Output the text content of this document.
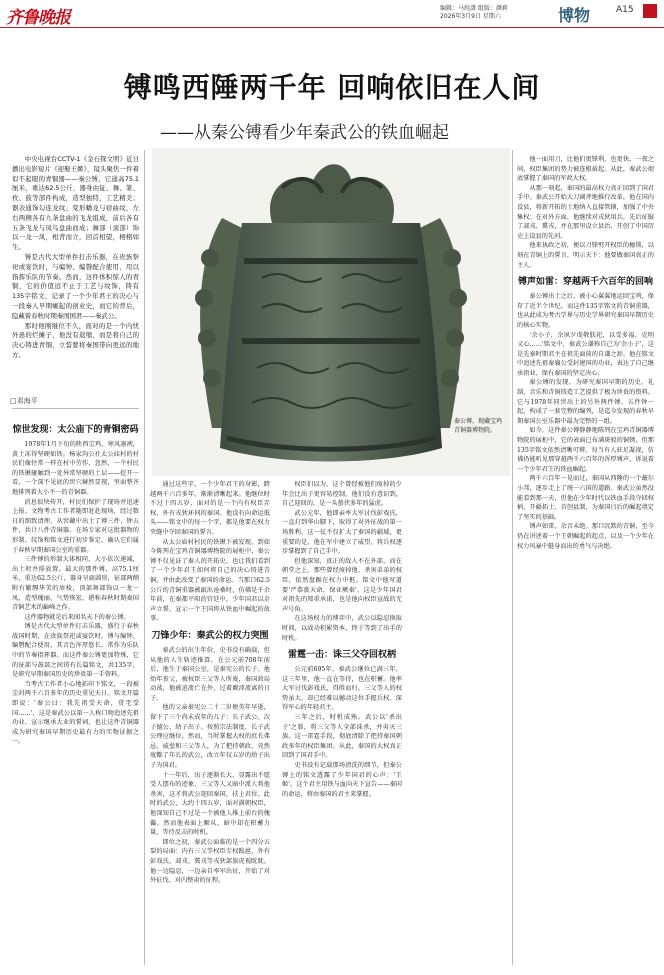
齐鲁晚报	编辑：马纯潇 组版：颜莉
2026年3月9日 星期六	博物	A15
镈鸣西陲两千年 回响依旧在人间
——从秦公镈看少年秦武公的铁血崛起

中央电视台CCTV-1《金石探文明》近日播出电影短片《迎娶王姬》，镜头聚焦一件着似不起眼的青铜器——秦公镈，它通高75.1厘米，重达62.5公斤，器身由钲、舞、篆、枚、鼓等部件构成，造型独特，工艺精美；器表通饰勾连龙纹、变形蟠龙与窃曲纹，左右两侧各有九条盘曲的飞龙组成，前后各有五条飞龙与凤鸟盘曲而成；舞部（顶部）饰以一龙一凤，相背而立，回首相望，栩栩如生。

镈是古代大型单件打击乐器，在贵族祭祀或宴饮时，与编钟、编磬配合使用，用以指挥乐队的节奏。然而，这件体积惊人的青铜，它的价值远不止于工艺与纹饰，铸有135字铭文，记录了一个少年君王的决心与一段秦人早期崛起的创业史，而它的背后，隐藏着春秋时期秦国国君——秦武公。

那时他刚继位不久，面对的是一个内忧外患的烂摊子，他没有退缩，而是将自己的决心铸进青铜，立誓要将秦国带向更远的地方。

□邓海平
秦公镈，现藏宝鸡青铜器博物院。
惊世发现：太公庙下的青铜密码

1978年1月下旬的陕西宝鸡，寒风凛冽，黄土冻得坚硬如铁。杨家沟公社太公庙村的村民们像往常一样在村中劳作，忽然，一个村民的铁锹碰触到一处异常坚硬的土层——挖开一看，一个深不见底的窖穴赫然显现，里面整齐地排列着大小不一的青铜器。

消息很快传开，村民们保护了现场并迅速上报。文物考古工作者随即赶赴现场，经过数日的细致清理，从窖藏中出土了镈三件、钟五件，共计八件青铜器。在场专家对这批器物的形制、纹饰和铭文进行初步鉴定，确认它们属于春秋早期秦国公室的重器。

三件镈的形制大体相同，大小依次递减，出土时并排放置。最大的那件镈，高75.1厘米，重达62.5公斤，器身呈扁圆形，钲部两侧附有繁缛华美的扉棱，顶部舞部饰以一龙一凤，造型瑰丽，气势恢宏，堪称春秋时期秦国青铜艺术的巅峰之作。

这件器物就是后来闻名天下的秦公镈。

镈是古代大型单件打击乐器，盛行于春秋战国时期，在贵族祭祀或宴饮时，镈与编钟、编磬配合使用，其音色浑厚悠长，常作为乐队中的节奏指挥器。而这件秦公镈更加特殊，它的钲部与鼓部之间铸有长篇铭文，共135字，是研究早期秦国历史的珍贵第一手资料。

当考古工作者小心地拓印下铭文，一段被尘封两千六百多年的历史重见天日。铭文开篇即说：'秦公曰：我先祖受天命，赏宅受国……'，这是秦武公以第一人称口吻追述先祖功业、宣示继承大业的誓词，也让这件青铜器成为研究秦国早期历史最有力的实物证据之一。

通过这些字，一个少年君王的身影，跨越两千六百多年，渐渐清晰起来。他继位时不过十四五岁，面对的是一个内有权臣弄权、外有戎狄环伺的秦国。他没有向命运低头——铭文中的每一个字，都是他要在权力夹缝中夺回秦国的誓言。

从太公庙村村民的铁锹下被发现，到如今陈列在宝鸡青铜器博物院的展柜中，秦公镈不仅见证了秦人的开拓史，也让我们看到了一个少年君王如何将自己的决心铸进青铜，并由此改变了秦国的命运。当那口62.5公斤的青铜重器被敲出沧桑时，仿佛是千余年前，在秦都平阳的宫廷中，少年国君以金声立誓，宣示一个王国将从铁血中崛起的故事。

刀锋少年：秦武公的权力突围

秦武公的出生年份，史书没有确载，但从他的人生轨迹推算，在公元前708年前后，他生于秦国公室，是秦宪公的长子。他幼年丧父，被权臣三父等人所废，秦国政局动荡，他被迫流亡在外，过着颠沛流离的日子。

他的父亲秦宪公二十二岁便英年早逝，留下了三个尚未成年的儿子：长子武公、次子德公、幼子出子。按照宗法制度，长子武公理应继位。然而，当时掌握大权的庶长弗忌、威垒和三父等人，为了把持朝政，竟然废黜了年长的武公，改立年仅五岁的幼子出子为国君。

十一年后，出子逐渐长大，显露出不愿受人摆布的迹象，三父等人又暗中派人将他杀害，这才将武公迎回秦国，扶上君位。此时的武公，大约十四五岁，面对满朝权臣，他深知自己不过是一个被他人推上前台的傀儡。然而他表面上顺从，暗中却在积蓄力量，等待反击的时机。

即位之初，秦武公面临的是一个四分五裂的局面：内有三父等权臣专权跋扈，外有彭戏氏、邽戎、冀戎等戎狄部族虎视眈眈。他一边隐忍，一边亲自率军出征，开始了对外征伐、对内整肃的征程。

权臣们以为，这个曾经被他们废掉的少年会比出子更容易控制，他们没有意识到，自己迎回的，是一头蛰伏多年的猛虎。

武公元年，他即亲率大军讨伐彭戏氏，一直打到华山脚下，取得了对外征战的第一场胜利。这一仗不仅扩大了秦国的疆域，更重要的是，他在军中建立了威望，将兵权逐步掌握到了自己手中。

但他深知，真正的敌人不在外部，而在朝堂之上。那些曾经废掉他、杀害弟弟的权臣，依然盘踞在权力中枢。铭文中他写道要'严恭夤天命，保业厥秦'，这是少年国君对祖先的郑重承诺，也是他向权臣宣战的无声号角。

在这场权力的博弈中，武公以隐忍换取时间，以战功积累资本，终于等到了出手的时机。

雷霆一击：诛三父夺回权柄

公元前695年，秦武公继位已满三年，这三年里，他一直在等待，也在积蓄。他率大军讨伐彭戏氏，得胜而归。三父等人的权势虽大，却已经难以撼动这位手握兵权、深得军心的年轻君主。

三年之后，时机成熟。武公以'杀出子'之罪，将三父等人全部诛杀，并夷灭三族。这一雷霆手段，彻底清除了把持秦国朝政多年的权臣集团。从此，秦国的大权真正回到了国君手中。

史书没有记载那场清洗的细节，但秦公镈上的铭文透露了少年国君的心声：'王姬'。这个君主用铁与血向天下宣告——秦国的命运，将由秦国的君主来掌握。

他一面用刀，比他们更锋利，也更快，一夜之间，权臣集团的势力被连根拔起。从此，秦武公彻底掌握了秦国的军政大权。

从那一刻起，秦国的最高权力真正回到了国君手中。秦武公开始大刀阔斧地推行改革，他在国内设县，将新开拓的土地纳入直接管辖，加强了中央集权；在对外方面，他继续对戎狄用兵，先后征服了邽戎、冀戎，并在那里设立县治，开创了中国历史上设县的先河。

他来执政之初，便以刀锋劈开权臣的枷锁，以刻在青铜上的誓言，明示天下：他要做秦国真正的主人。

镈声如雷：穿越两千六百年的回响

秦公镈出土之后，被小心翼翼地运回宝鸡，保存了近半个世纪。而这件135字铭文的青铜重器，也从此成为考古学界与历史学界研究秦国早期历史的核心实物。

'余小子，余夙夕虔敬朕祀，以受多福，克明又心……'铭文中，秦武公谦称自己为'余小子'，这是先秦时期君主在祖先面前的自谦之辞。他在铭文中追述先祖秦襄公受封建国的功业，表达了自己继承祖业、保有秦国的坚定决心。

秦公镈的发现，为研究秦国早期的历史、礼制、音乐和青铜铸造工艺提供了极为珍贵的资料。它与1978年同窖出土的另外两件镈、五件钟一起，构成了一套完整的编列，是迄今发现的春秋早期秦国公室乐器中最为完整的一组。

如今，这件秦公镈静静地陈列在宝鸡青铜器博物院的展柜中，它的表面已布满斑驳的铜锈，但那135字铭文依然清晰可辨。每当有人驻足凝视，仿佛仍能听见那穿越两千六百年的浑厚镈声，诉说着一个少年君王的铁血崛起。

两千六百年一晃而过，秦国从西陲的一个蕞尔小邦，逐步走上了统一六国的道路。秦武公虽然没能看到那一天，但他在少年时代以铁血手段夺回权柄、开疆拓土、首创县制，为秦国日后的崛起奠定了坚实的基础。

镈声如雷，余音未绝。那口沉默的青铜，至今仍在讲述着一个王朝崛起的起点，以及一个少年在权力风暴中挺身而出的勇气与决绝。
